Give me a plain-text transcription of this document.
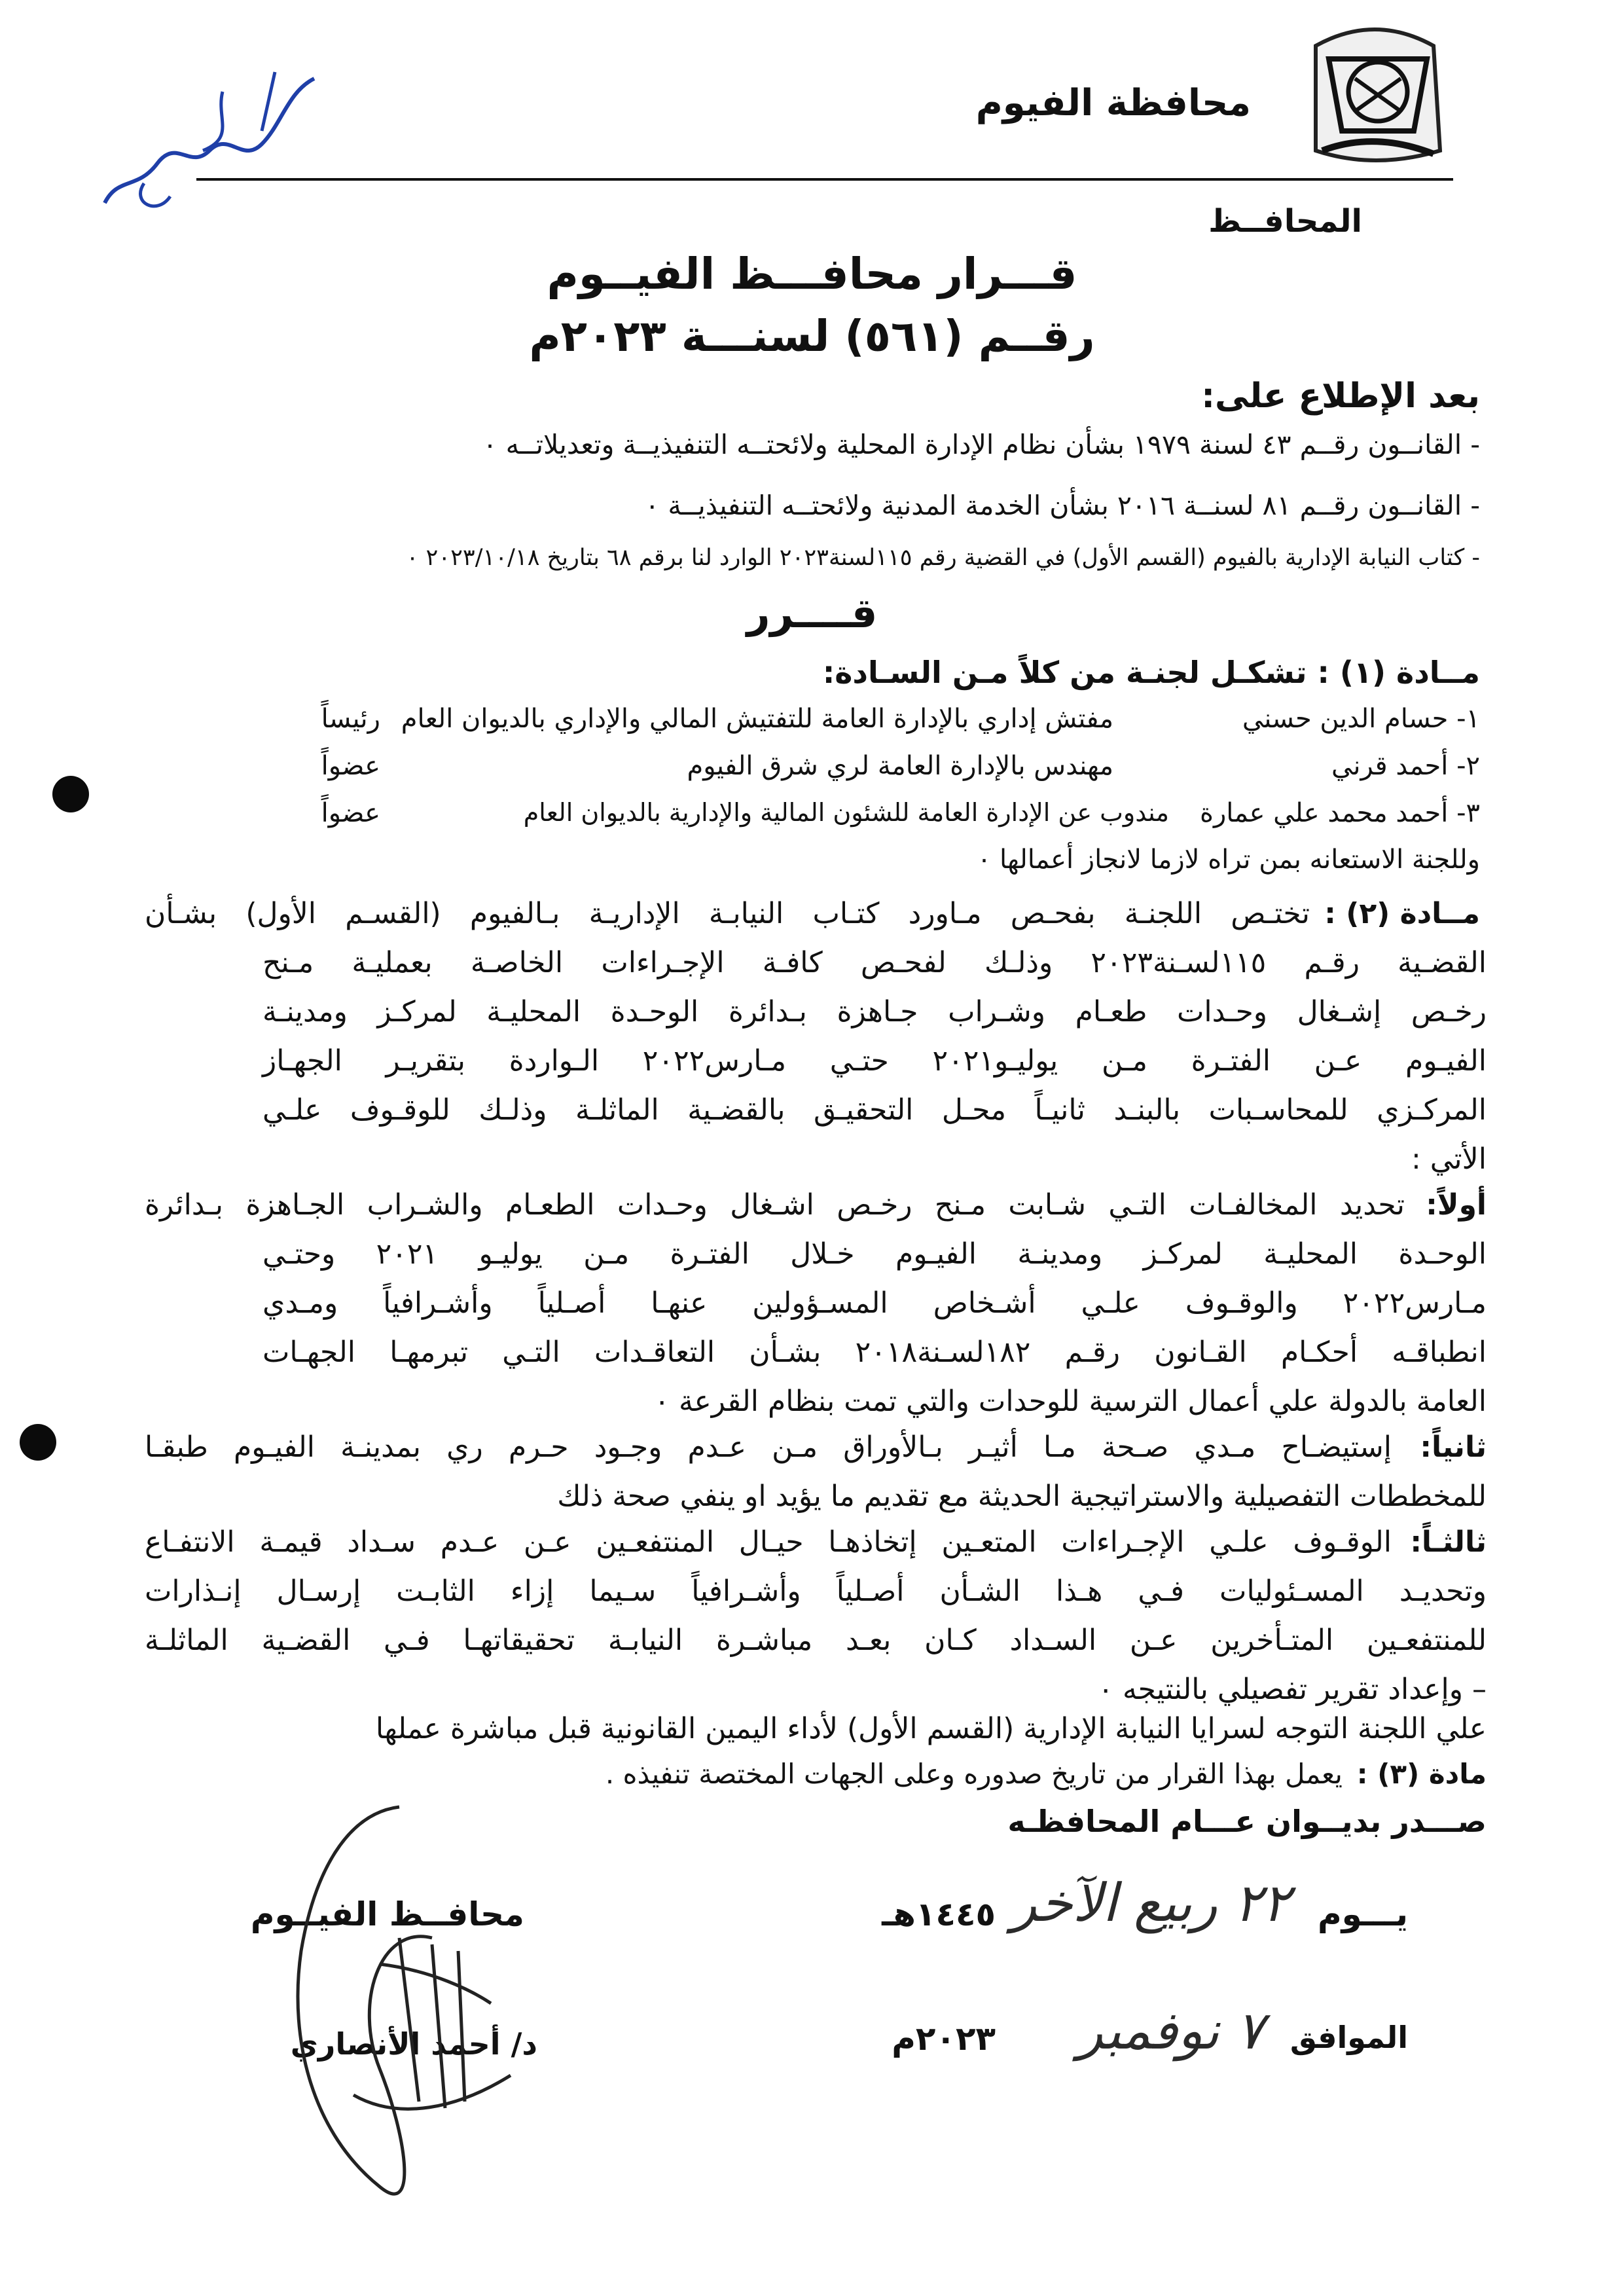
محافظة الفيوم
المحافــظ
قـــرار محافـــظ الفيــوم
رقــم (٥٦١) لسنـــة ٢٠٢٣م
بعد الإطلاع على:
- القانــون رقــم ٤٣ لسنة ١٩٧٩ بشأن نظام الإدارة المحلية ولائحتــه التنفيذيــة وتعديلاتــه ٠
- القانــون رقــم ٨١ لسنــة ٢٠١٦ بشأن الخدمة المدنية ولائحتــه التنفيذيــة ٠
- كتاب النيابة الإدارية بالفيوم (القسم الأول) في القضية رقم ١١٥لسنة٢٠٢٣ الوارد لنا برقم ٦٨ بتاريخ ٢٠٢٣/١٠/١٨ ٠
قــــرر
مــادة (١) : تشكـل لجنـة من كلاً مـن السـادة:
١- حسام الدين حسني
مفتش إداري بالإدارة العامة للتفتيش المالي والإداري بالديوان العام
رئيساً
٢- أحمد قرني
مهندس بالإدارة العامة لري شرق الفيوم
عضواً
٣- أحمد محمد علي عمارة
مندوب عن الإدارة العامة للشئون المالية والإدارية بالديوان العام
عضواً
وللجنة الاستعانه بمن تراه لازما لانجاز أعمالها ٠
مــادة (٢) :
تختـص اللجنـة بفحـص مـاورد كتـاب النيابـة الإداريـة بـالفيوم (القسـم الأول) بشـأن
القضـية رقـم ١١٥لسـنة٢٠٢٣ وذلـك لفحـص كافـة الإجـراءات الخاصـة بعمليـة مـنح
رخـص إشـغال وحـدات طعـام وشـراب جـاهزة بـدائرة الوحـدة المحليـة لمركـز ومدينـة
الفيـوم عـن الفتـرة مـن يوليـو٢٠٢١ حتـي مـارس٢٠٢٢ الـواردة بتقريـر الجهـاز
المركـزي للمحاسـبات بالبنـد ثانيـاً محـل التحقيـق بالقضـية الماثلـة وذلـك للوقـوف علـي
الأتي :
أولاً:
تحديد المخالفـات التـي شـابت مـنح رخـص اشـغال وحـدات الطعـام والشـراب الجـاهزة بـدائرة
الوحـدة المحليـة لمركـز ومدينـة الفيـوم خـلال الفتـرة مـن يوليـو ٢٠٢١ وحتـي
مـارس٢٠٢٢ والوقـوف علـي أشـخاص المسـؤولين عنهـا أصـلياً وأشـرافياً ومـدي
انطباقـه أحكـام القـانون رقـم ١٨٢لسـنة٢٠١٨ بشـأن التعاقـدات التـي تبرمهـا الجهـات
العامة بالدولة علي أعمال الترسية للوحدات والتي تمت بنظام القرعة ٠
ثانياً:
إستيضـاح مـدي صـحة مـا أثيـر بـالأوراق مـن عـدم وجـود حـرم ري بمدينـة الفيـوم طبقـا
للمخططات التفصيلية والاستراتيجية الحديثة مع تقديم ما يؤيد او ينفي صحة ذلك
ثالثـاً:
الوقـوف علـي الإجـراءات المتعـين إتخاذهـا حيـال المنتفعـين عـن عـدم سـداد قيمـة الانتفـاع
وتحديـد المسـئوليات فـي هـذا الشـأن أصـلياً وأشـرافياً سـيما إزاء الثابـت إرسـال إنـذارات
للمنتفعـين المتـأخرين عـن السـداد كـان بعـد مباشـرة النيابـة تحقيقاتهـا فـي القضـية الماثلـة
– وإعداد تقرير تفصيلي بالنتيجه ٠
علي اللجنة التوجه لسرايا النيابة الإدارية (القسم الأول) لأداء اليمين القانونية قبل مباشرة عملها
مادة (٣) :
يعمل بهذا القرار من تاريخ صدوره وعلى الجهات المختصة تنفيذه .
صـــدر بديــوان عـــام المحافظـه
يـــوم
٢٢ ربيع الآخر
١٤٤٥هـ
الموافق
٧ نوفمبر
٢٠٢٣م
محافــظ الفيــوم
د/ أحمد الأنصاري
